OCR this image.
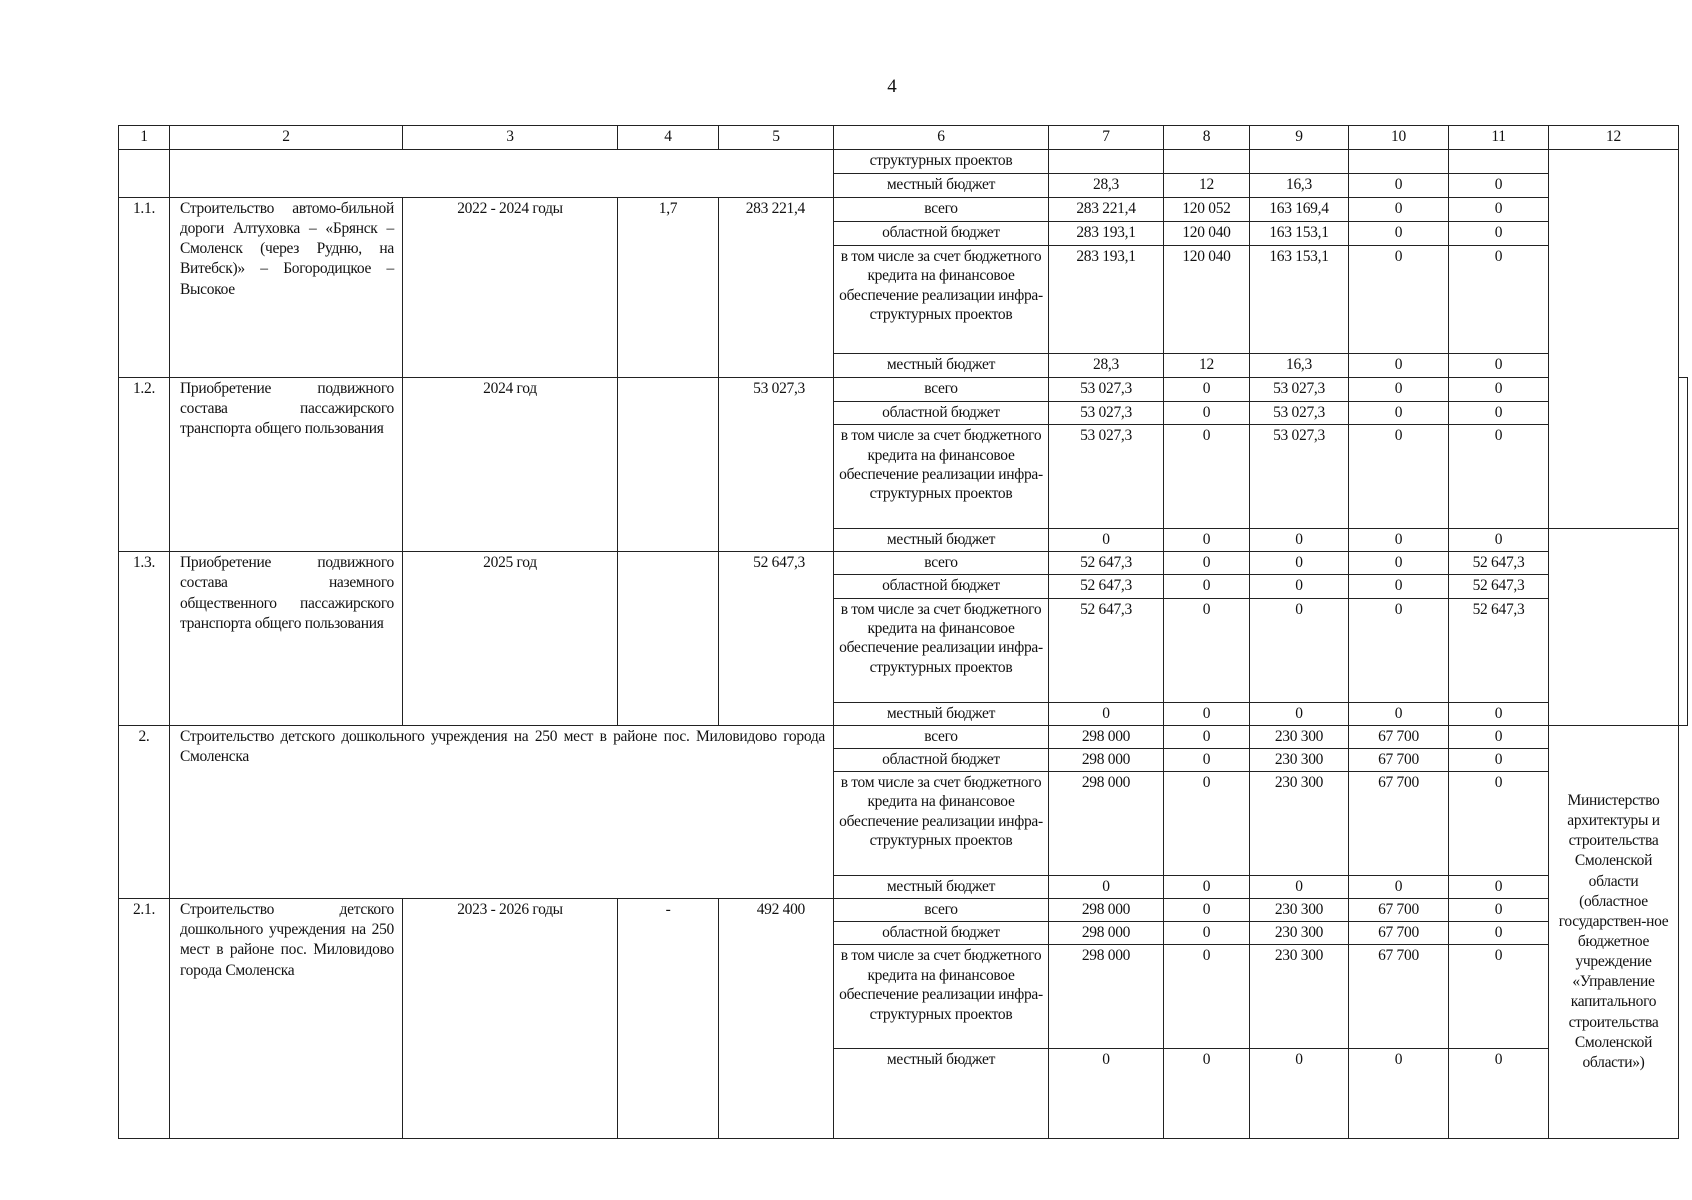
4
1	2	3	4	5	6	7	8	9	10	11	12	
					структурных проектов							
					местный бюджет	28,3	12	16,3	0	0		
1.1.	Строительство автомо-бильной дороги Алтуховка – «Брянск – Смоленск (через Рудню, на Витебск)» – Богородицкое – Высокое	2022 - 2024 годы	1,7	283 221,4	всего	283 221,4	120 052	163 169,4	0	0		
					областной бюджет	283 193,1	120 040	163 153,1	0	0		
					в том числе за счет бюджетного кредита на финансовое обеспечение реализации инфра-структурных проектов	283 193,1	120 040	163 153,1	0	0		
					местный бюджет	28,3	12	16,3	0	0		
1.2.	Приобретение подвижного состава пассажирского транспорта общего пользования	2024 год		53 027,3	всего	53 027,3	0	53 027,3	0	0		
					областной бюджет	53 027,3	0	53 027,3	0	0		
					в том числе за счет бюджетного кредита на финансовое обеспечение реализации инфра-структурных проектов	53 027,3	0	53 027,3	0	0		
					местный бюджет	0	0	0	0	0		
1.3.	Приобретение подвижного состава наземного общественного пассажирского транспорта общего пользования	2025 год		52 647,3	всего	52 647,3	0	0	0	52 647,3		
					областной бюджет	52 647,3	0	0	0	52 647,3		
					в том числе за счет бюджетного кредита на финансовое обеспечение реализации инфра-структурных проектов	52 647,3	0	0	0	52 647,3		
					местный бюджет	0	0	0	0	0		
2.	Строительство детского дошкольного учреждения на 250 мест в районе пос. Миловидово города Смоленска				всего	298 000	0	230 300	67 700	0	Министерство архитектуры и строительства Смоленской области (областное государствен-ное бюджетное учреждение «Управление капитального строительства Смоленской области»)	
					областной бюджет	298 000	0	230 300	67 700	0		
					в том числе за счет бюджетного кредита на финансовое обеспечение реализации инфра-структурных проектов	298 000	0	230 300	67 700	0		
					местный бюджет	0	0	0	0	0		
2.1.	Строительство детского дошкольного учреждения на 250 мест в районе пос. Миловидово города Смоленска	2023 - 2026 годы	-	492 400	всего	298 000	0	230 300	67 700	0		
					областной бюджет	298 000	0	230 300	67 700	0		
					в том числе за счет бюджетного кредита на финансовое обеспечение реализации инфра-структурных проектов	298 000	0	230 300	67 700	0		
					местный бюджет	0	0	0	0	0		
